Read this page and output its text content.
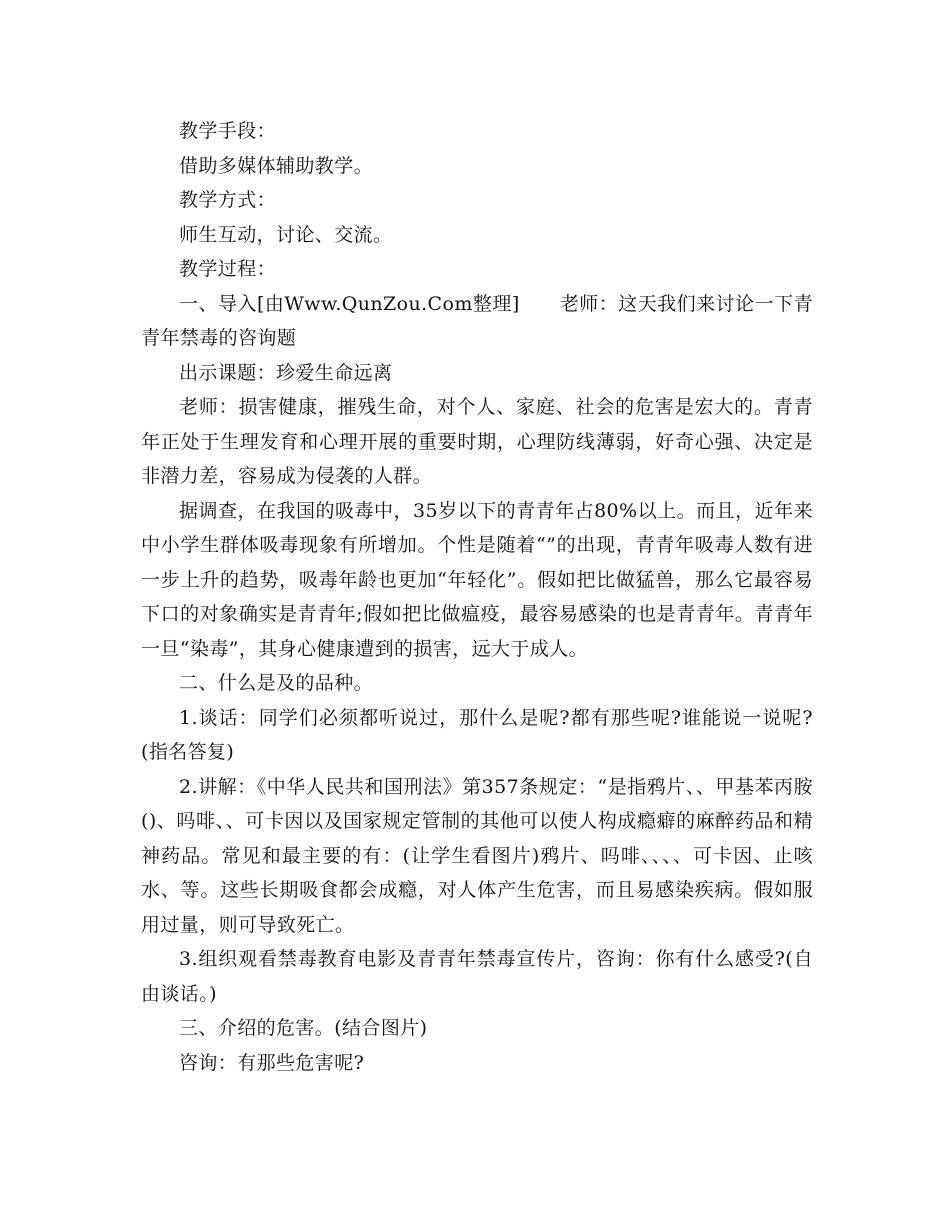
教学手段：

借助多媒体辅助教学。

教学方式：

师生互动，讨论、交流。

教学过程：

一、导入[由Www.QunZou.Com整理] 老师：这天我们来讨论一下青青年禁毒的咨询题

出示课题：珍爱生命远离

老师：损害健康，摧残生命，对个人、家庭、社会的危害是宏大的。青青年正处于生理发育和心理开展的重要时期，心理防线薄弱，好奇心强、决定是非潜力差，容易成为侵袭的人群。

据调查，在我国的吸毒中，35岁以下的青青年占80%以上。而且，近年来中小学生群体吸毒现象有所增加。个性是随着“”的出现，青青年吸毒人数有进一步上升的趋势，吸毒年龄也更加“年轻化”。假如把比做猛兽，那么它最容易下口的对象确实是青青年;假如把比做瘟疫，最容易感染的也是青青年。青青年一旦“染毒”，其身心健康遭到的损害，远大于成人。

二、什么是及的品种。

1.谈话：同学们必须都听说过，那什么是呢?都有那些呢?谁能说一说呢?(指名答复)

2.讲解：《中华人民共和国刑法》第357条规定：“是指鸦片、、甲基苯丙胺()、吗啡、、可卡因以及国家规定管制的其他可以使人构成瘾癖的麻醉药品和精神药品。常见和最主要的有：(让学生看图片)鸦片、吗啡、、、、可卡因、止咳水、等。这些长期吸食都会成瘾，对人体产生危害，而且易感染疾病。假如服用过量，则可导致死亡。

3.组织观看禁毒教育电影及青青年禁毒宣传片，咨询：你有什么感受?(自由谈话。)

三、介绍的危害。(结合图片)

咨询：有那些危害呢?
